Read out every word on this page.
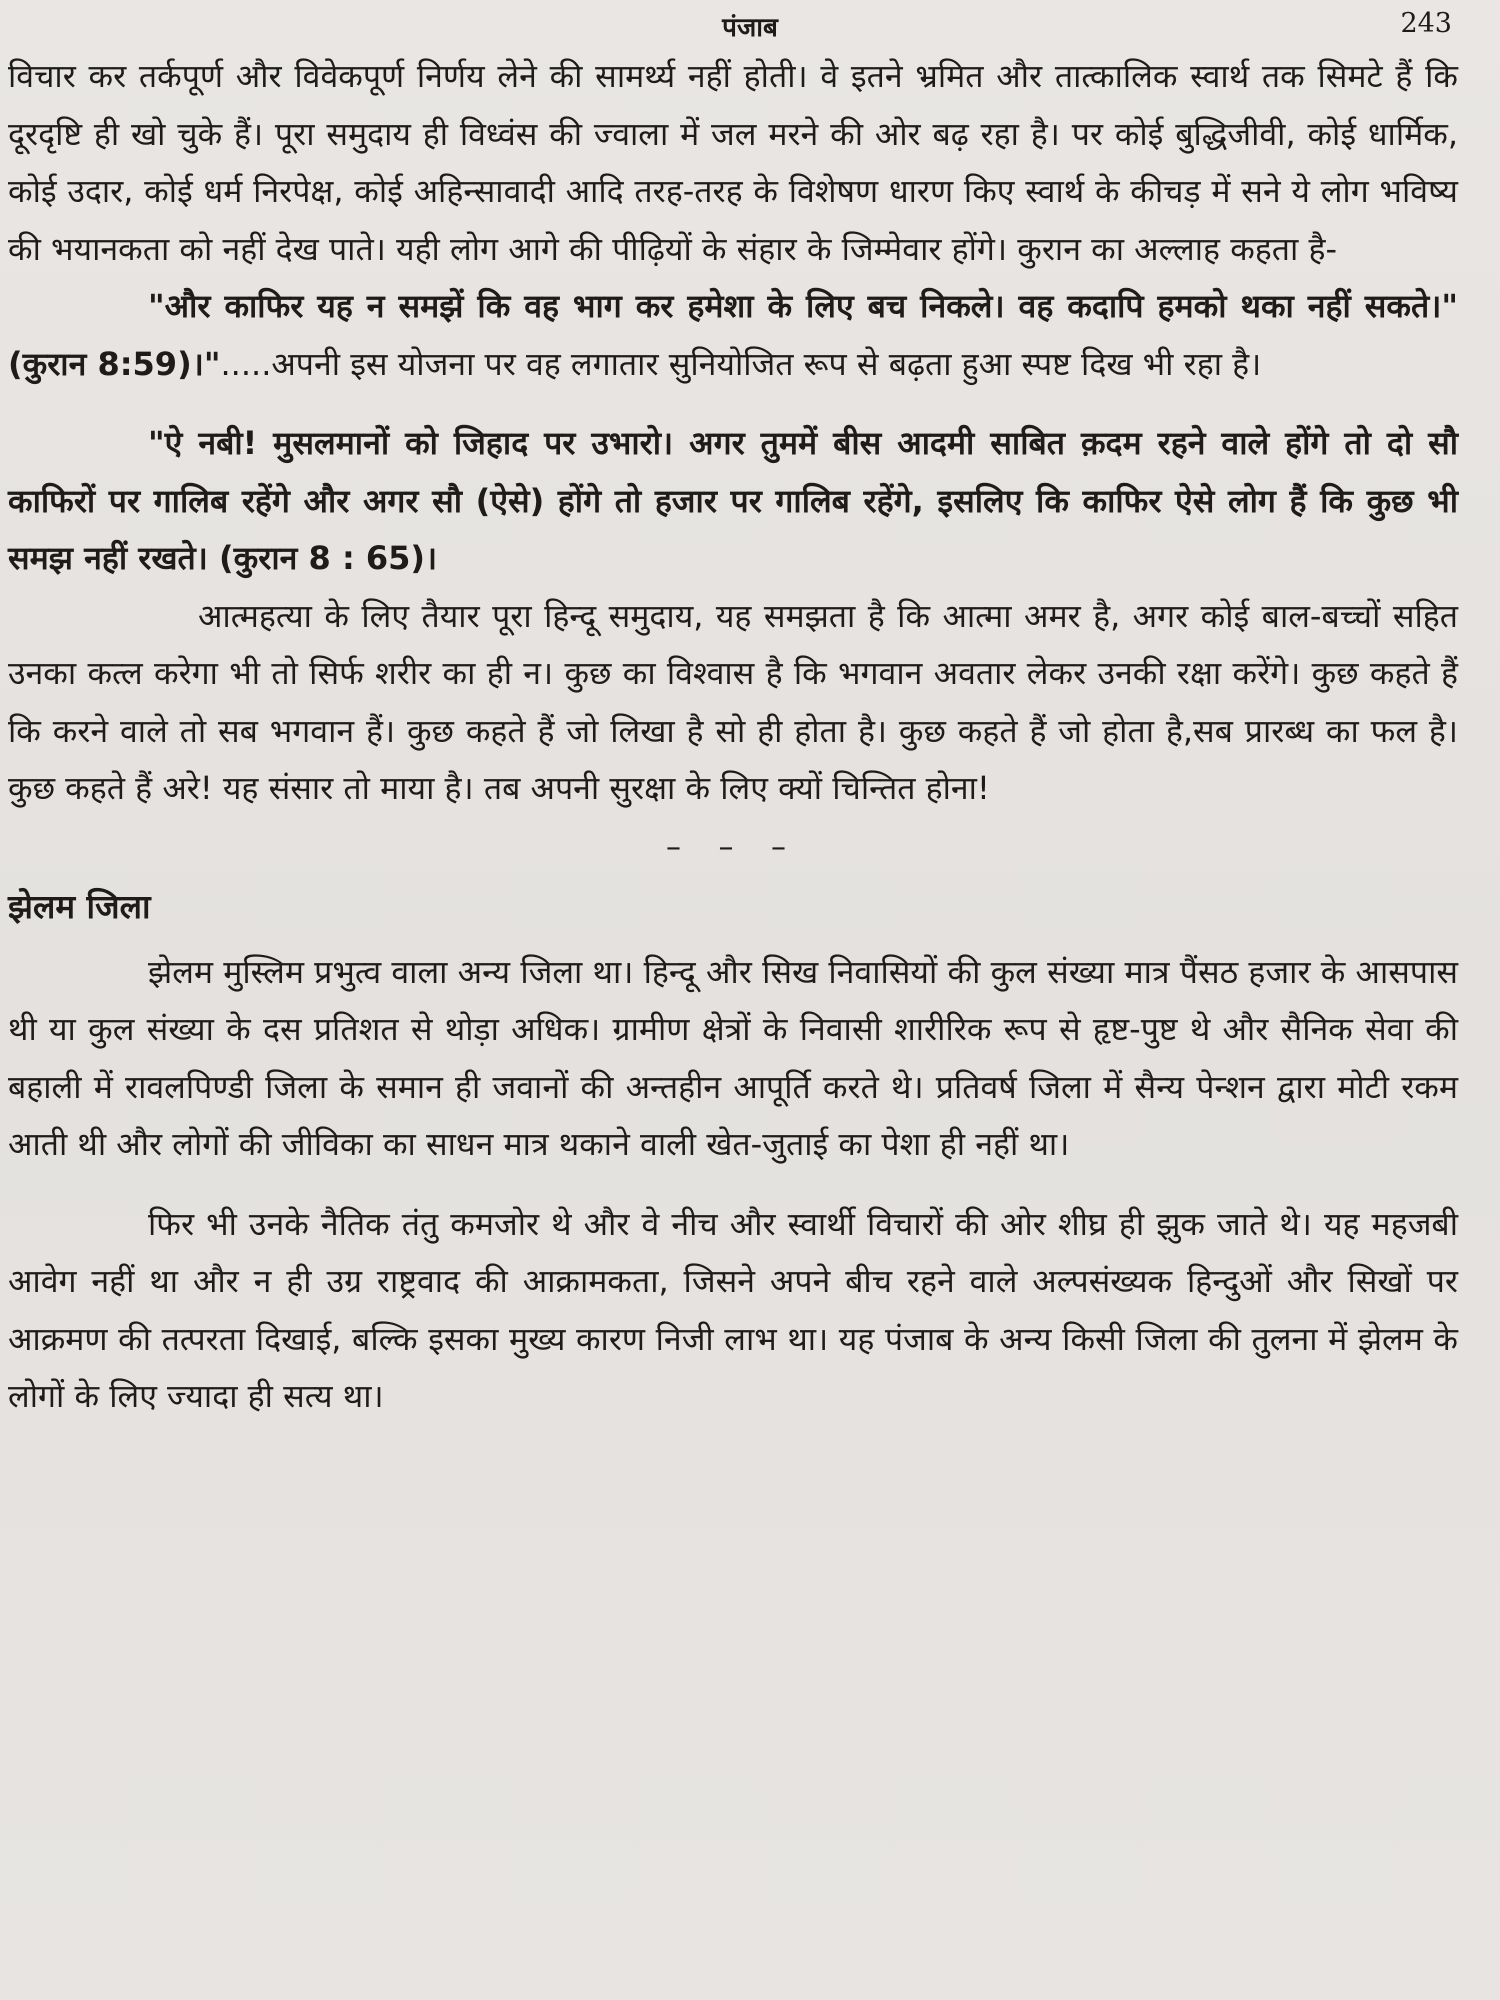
पंजाब	243

विचार कर तर्कपूर्ण और विवेकपूर्ण निर्णय लेने की सामर्थ्य नहीं होती। वे इतने भ्रमित और तात्कालिक स्वार्थ तक सिमटे हैं कि दूरदृष्टि ही खो चुके हैं। पूरा समुदाय ही विध्वंस की ज्वाला में जल मरने की ओर बढ़ रहा है। पर कोई बुद्धिजीवी, कोई धार्मिक, कोई उदार, कोई धर्म निरपेक्ष, कोई अहिन्सावादी आदि तरह-तरह के विशेषण धारण किए स्वार्थ के कीचड़ में सने ये लोग भविष्य की भयानकता को नहीं देख पाते। यही लोग आगे की पीढ़ियों के संहार के जिम्मेवार होंगे। कुरान का अल्लाह कहता है-

"और काफिर यह न समझें कि वह भाग कर हमेशा के लिए बच निकले। वह कदापि हमको थका नहीं सकते।" (कुरान 8:59)।".....अपनी इस योजना पर वह लगातार सुनियोजित रूप से बढ़ता हुआ स्पष्ट दिख भी रहा है।

"ऐ नबी! मुसलमानों को जिहाद पर उभारो। अगर तुममें बीस आदमी साबित क़दम रहने वाले होंगे तो दो सौ काफिरों पर गालिब रहेंगे और अगर सौ (ऐसे) होंगे तो हजार पर गालिब रहेंगे, इसलिए कि काफिर ऐसे लोग हैं कि कुछ भी समझ नहीं रखते। (कुरान 8 : 65)।

आत्महत्या के लिए तैयार पूरा हिन्दू समुदाय, यह समझता है कि आत्मा अमर है, अगर कोई बाल-बच्चों सहित उनका कत्ल करेगा भी तो सिर्फ शरीर का ही न। कुछ का विश्वास है कि भगवान अवतार लेकर उनकी रक्षा करेंगे। कुछ कहते हैं कि करने वाले तो सब भगवान हैं। कुछ कहते हैं जो लिखा है सो ही होता है। कुछ कहते हैं जो होता है,सब प्रारब्ध का फल है। कुछ कहते हैं अरे! यह संसार तो माया है। तब अपनी सुरक्षा के लिए क्यों चिन्तित होना!

– – –
झेलम जिला

झेलम मुस्लिम प्रभुत्व वाला अन्य जिला था। हिन्दू और सिख निवासियों की कुल संख्या मात्र पैंसठ हजार के आसपास थी या कुल संख्या के दस प्रतिशत से थोड़ा अधिक। ग्रामीण क्षेत्रों के निवासी शारीरिक रूप से हृष्ट-पुष्ट थे और सैनिक सेवा की बहाली में रावलपिण्डी जिला के समान ही जवानों की अन्तहीन आपूर्ति करते थे। प्रतिवर्ष जिला में सैन्य पेन्शन द्वारा मोटी रकम आती थी और लोगों की जीविका का साधन मात्र थकाने वाली खेत-जुताई का पेशा ही नहीं था।

फिर भी उनके नैतिक तंतु कमजोर थे और वे नीच और स्वार्थी विचारों की ओर शीघ्र ही झुक जाते थे। यह महजबी आवेग नहीं था और न ही उग्र राष्ट्रवाद की आक्रामकता, जिसने अपने बीच रहने वाले अल्पसंख्यक हिन्दुओं और सिखों पर आक्रमण की तत्परता दिखाई, बल्कि इसका मुख्य कारण निजी लाभ था। यह पंजाब के अन्य किसी जिला की तुलना में झेलम के लोगों के लिए ज्यादा ही सत्य था।
